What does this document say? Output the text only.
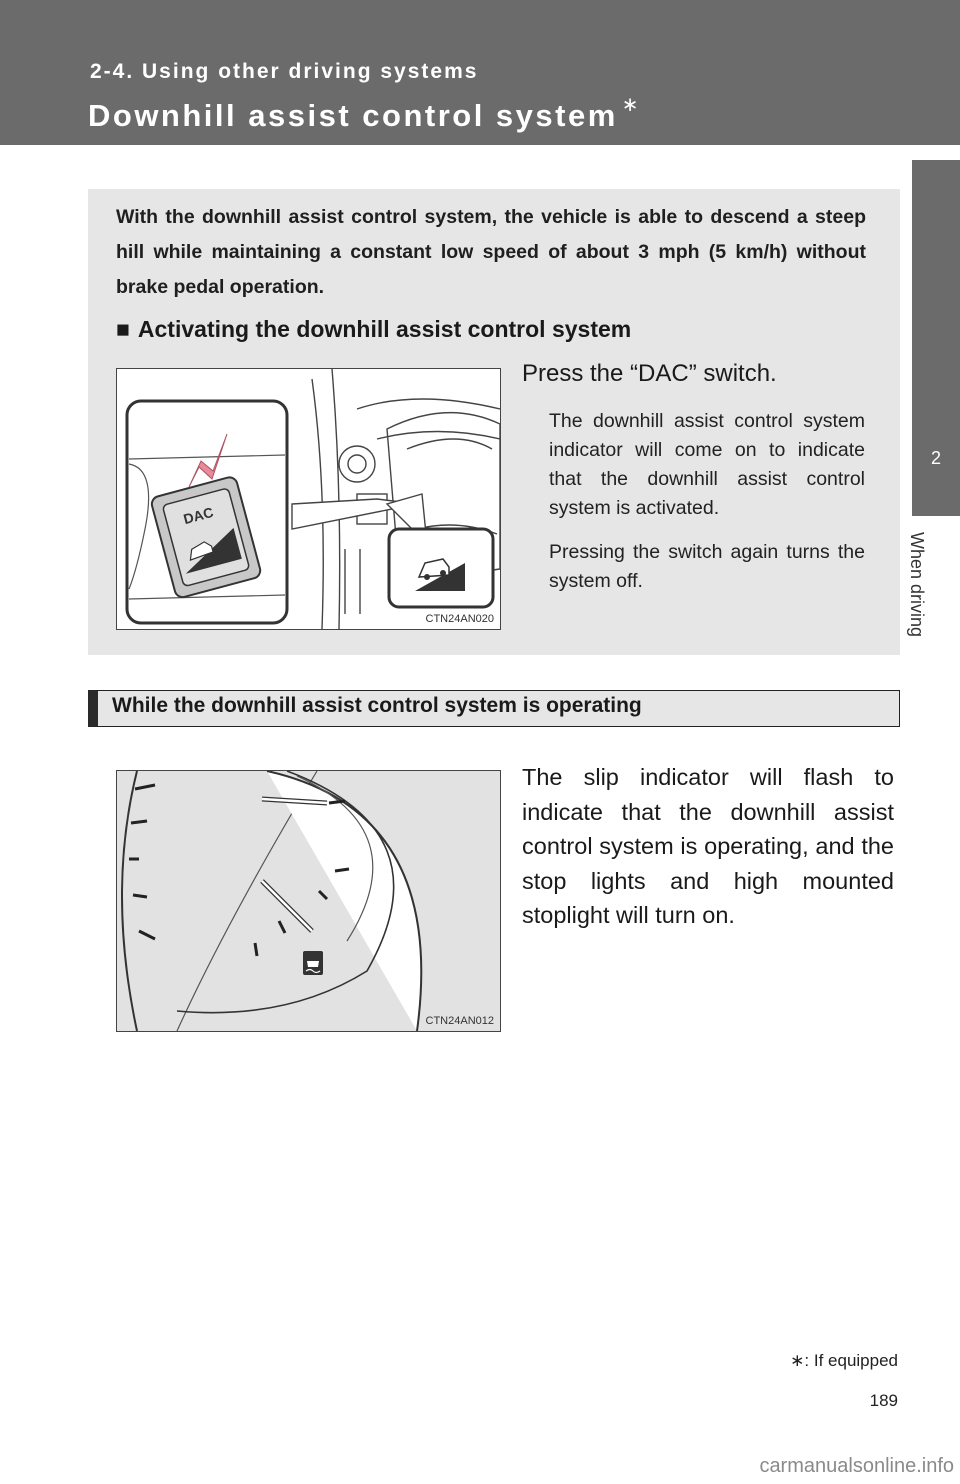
2-4. Using other driving systems
Downhill assist control system ∗
2
When driving
With the downhill assist control system, the vehicle is able to descend a steep hill while maintaining a constant low speed of about 3 mph (5 km/h) without brake pedal operation.
■ Activating the downhill assist control system
DAC
CTN24AN020
Press the “DAC” switch.
The downhill assist control system indicator will come on to indicate that the downhill assist control system is activated.
Pressing the switch again turns the system off.
While the downhill assist control system is operating
CTN24AN012
The slip indicator will flash to indicate that the downhill assist control system is operating, and the stop lights and high mounted stoplight will turn on.
∗: If equipped
189
carmanualsonline.info
